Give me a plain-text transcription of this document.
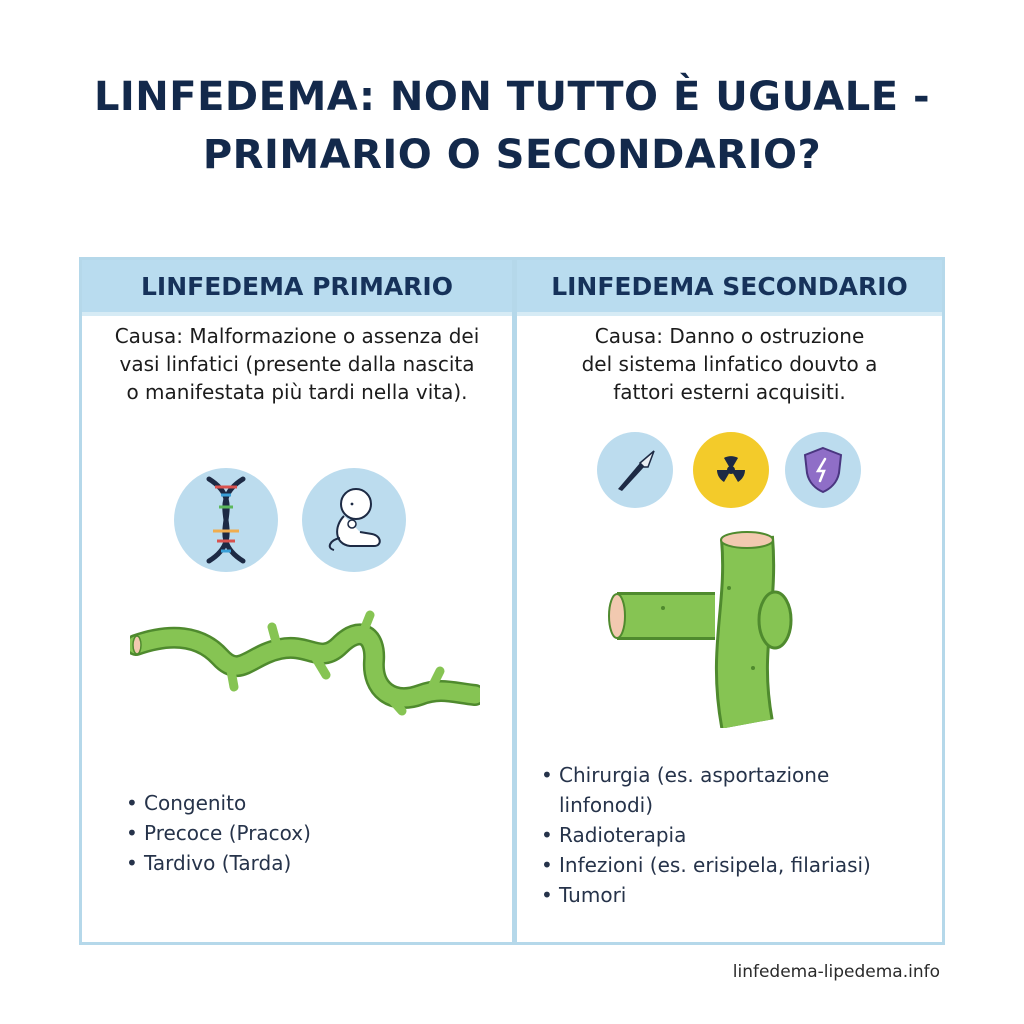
LINFEDEMA: NON TUTTO È UGUALE -
PRIMARIO O SECONDARIO?
LINFEDEMA PRIMARIO
Causa: Malformazione o assenza dei
vasi linfatici (presente dalla nascita
o manifestata più tardi nella vita).
• Congenito
• Precoce (Pracox)
• Tardivo (Tarda)
LINFEDEMA SECONDARIO
Causa: Danno o ostruzione
del sistema linfatico douvto a
fattori esterni acquisiti.
• Chirurgia (es. asportazione
linfonodi)
• Radioterapia
• Infezioni (es. erisipela, filariasi)
• Tumori
linfedema-lipedema.info
